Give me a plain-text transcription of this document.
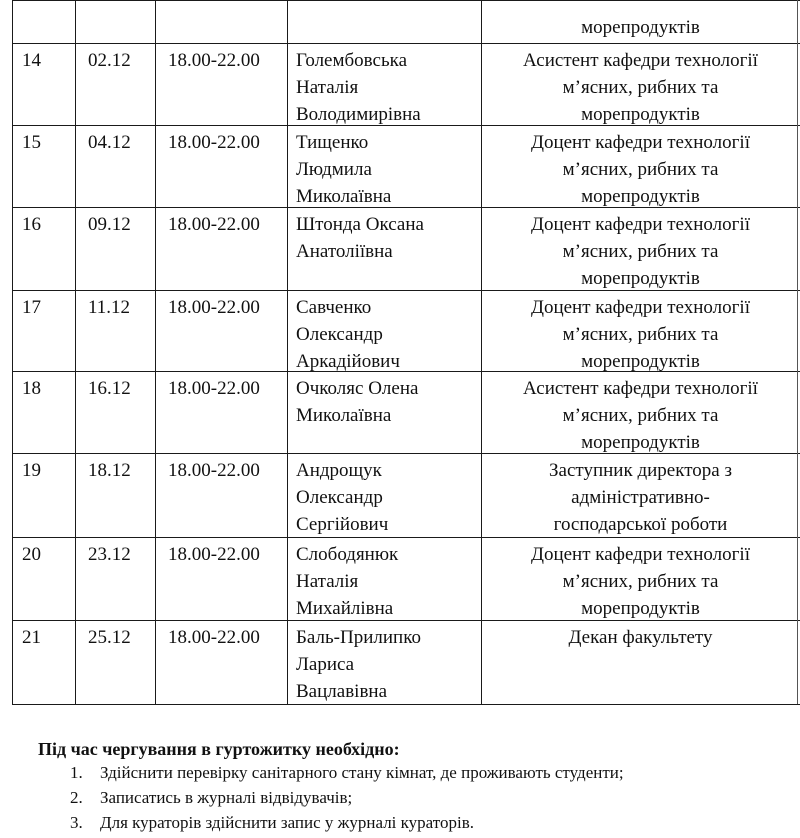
морепродуктів
14 02.12 18.00-22.00 Голембовська
Наталія
Володимирівна
Асистент кафедри технології
м’ясних, рибних та
морепродуктів
15 04.12 18.00-22.00 Тищенко
Людмила
Миколаївна
Доцент кафедри технології
м’ясних, рибних та
морепродуктів
16 09.12 18.00-22.00 Штонда Оксана
Анатоліївна
Доцент кафедри технології
м’ясних, рибних та
морепродуктів
17 11.12 18.00-22.00 Савченко
Олександр
Аркадійович
Доцент кафедри технології
м’ясних, рибних та
морепродуктів
18 16.12 18.00-22.00 Очколяс Олена
Миколаївна
Асистент кафедри технології
м’ясних, рибних та
морепродуктів
19 18.12 18.00-22.00 Андрощук
Олександр
Сергійович
Заступник директора з
адміністративно-
господарської роботи
20 23.12 18.00-22.00 Слободянюк
Наталія
Михайлівна
Доцент кафедри технології
м’ясних, рибних та
морепродуктів
21 25.12 18.00-22.00 Баль-Прилипко
Лариса
Вацлавівна
Декан факультету
Під час чергування в гуртожитку необхідно:
1. Здійснити перевірку санітарного стану кімнат, де проживають студенти;
2. Записатись в журналі відвідувачів;
3. Для кураторів здійснити запис у журналі кураторів.
